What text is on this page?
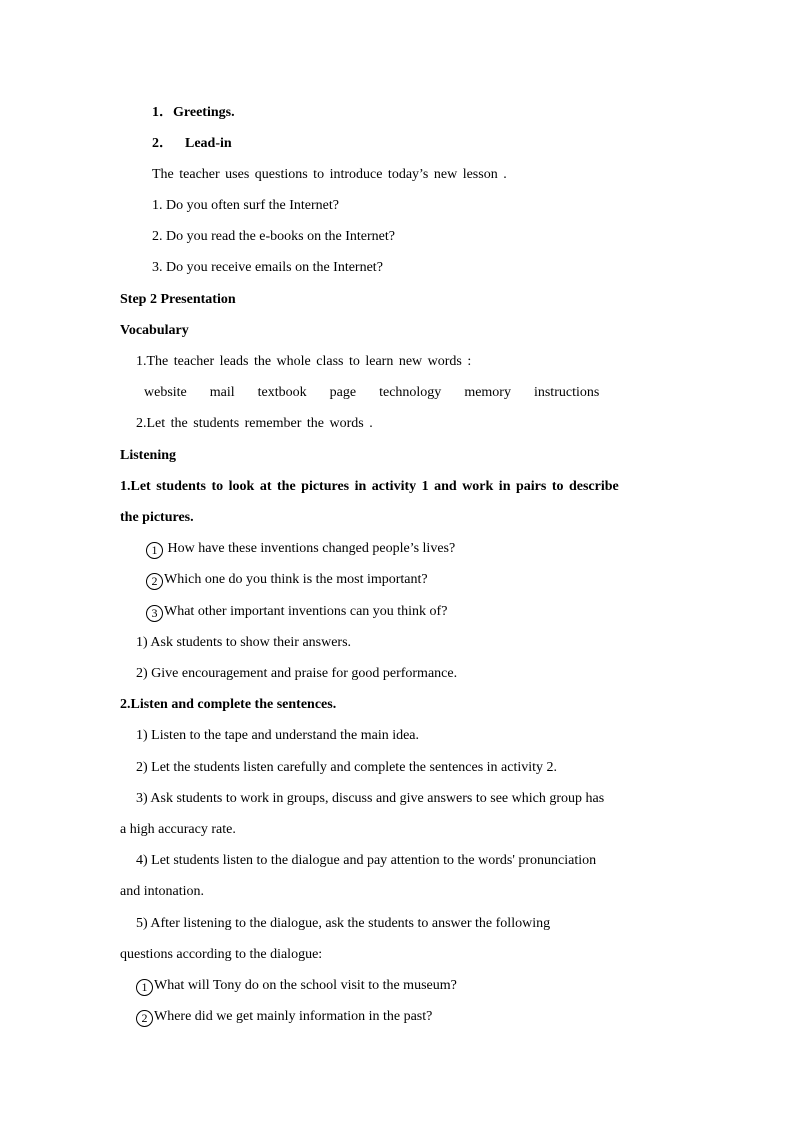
1．Greetings.
2． Lead-in
The teacher uses questions to introduce today’s new lesson .
1. Do you often surf the Internet?
2. Do you read the e-books on the Internet?
3. Do you receive emails on the Internet?
Step 2 Presentation
Vocabulary
1.The teacher leads the whole class to learn new words :
website mail textbook page technology memory instructions
2.Let the students remember the words .
Listening
1.Let students to look at the pictures in activity 1 and work in pairs to describe
the pictures.
1 How have these inventions changed people’s lives?
2 Which one do you think is the most important?
3 What other important inventions can you think of?
1) Ask students to show their answers.
2) Give encouragement and praise for good performance.
2.Listen and complete the sentences.
1) Listen to the tape and understand the main idea.
2) Let the students listen carefully and complete the sentences in activity 2.
3) Ask students to work in groups, discuss and give answers to see which group has
a high accuracy rate.
4) Let students listen to the dialogue and pay attention to the words' pronunciation
and intonation.
5) After listening to the dialogue, ask the students to answer the following
questions according to the dialogue:
1 What will Tony do on the school visit to the museum?
2 Where did we get mainly information in the past?
